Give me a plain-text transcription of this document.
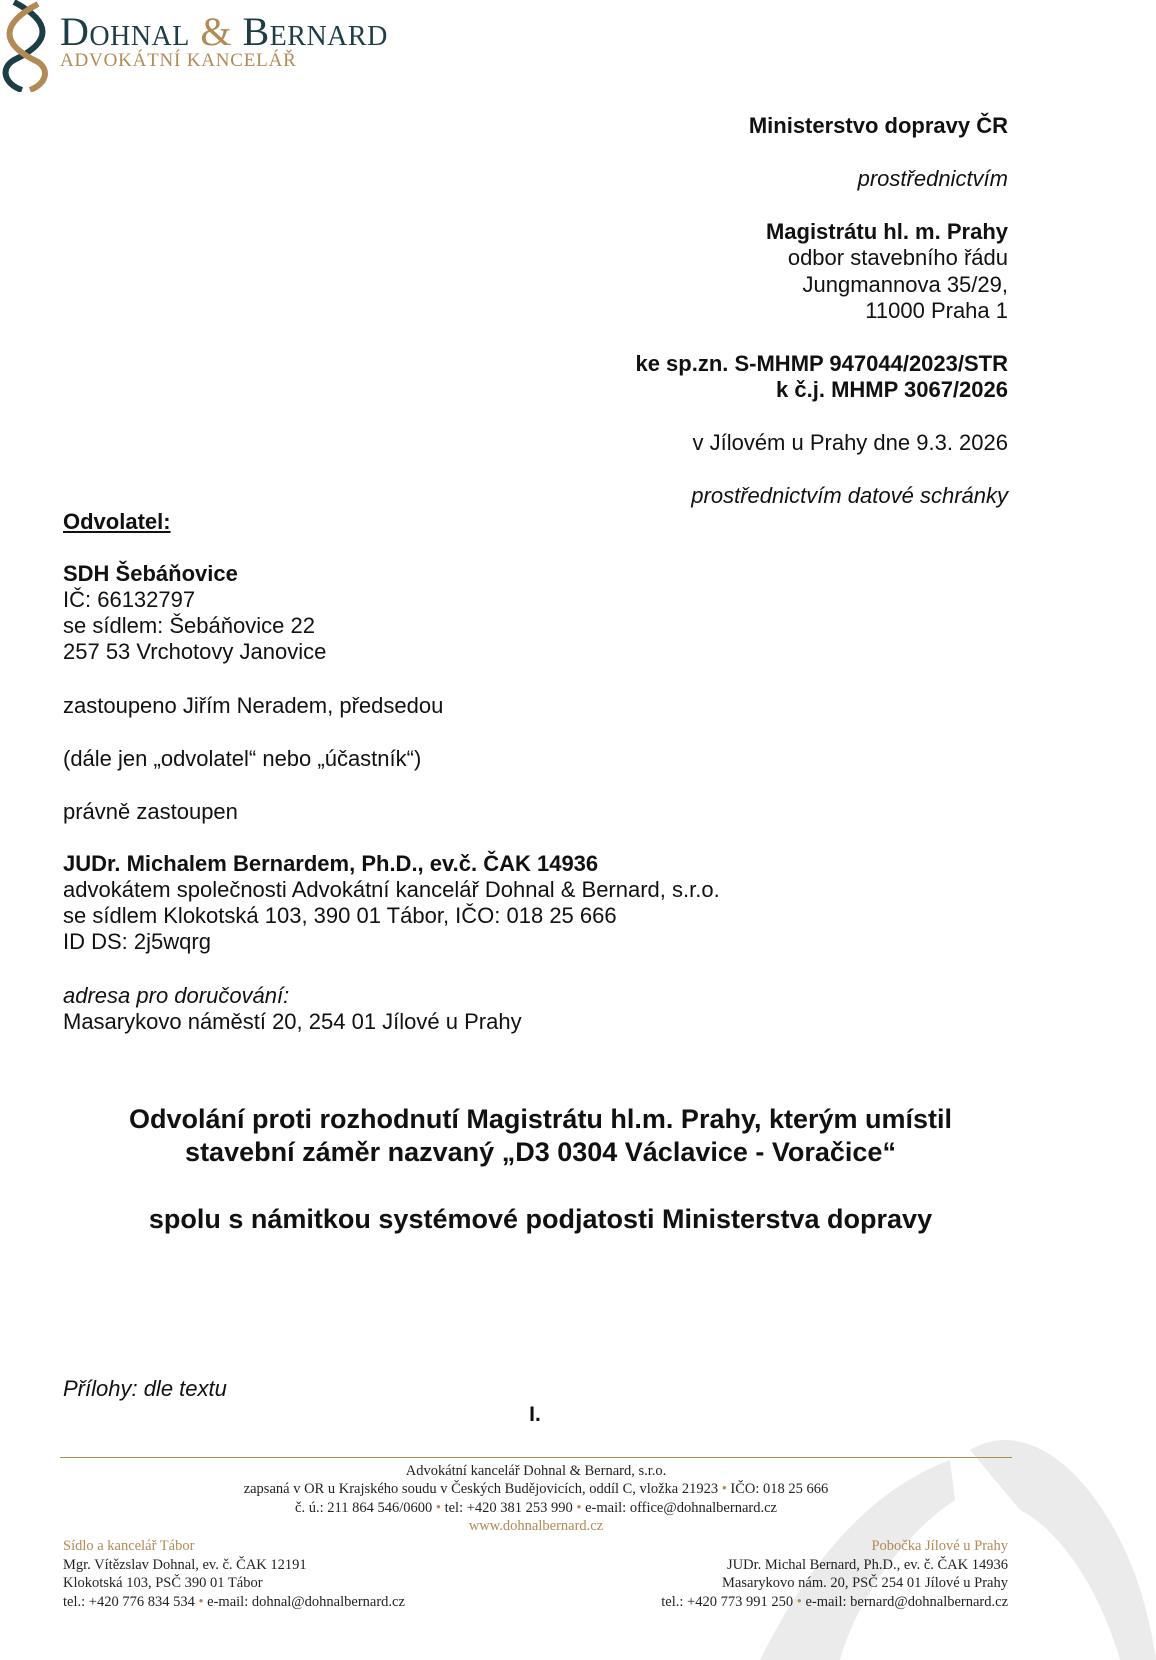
Dohnal & Bernard
ADVOKÁTNÍ KANCELÁŘ
Ministerstvo dopravy ČR
prostřednictvím
Magistrátu hl. m. Prahy
odbor stavebního řádu
Jungmannova 35/29,
11000 Praha 1
ke sp.zn. S-MHMP 947044/2023/STR
k č.j. MHMP 3067/2026
v Jílovém u Prahy dne 9.3. 2026
prostřednictvím datové schránky
Odvolatel:
SDH Šebáňovice
IČ: 66132797
se sídlem: Šebáňovice 22
257 53 Vrchotovy Janovice
zastoupeno Jiřím Neradem, předsedou
(dále jen „odvolatel“ nebo „účastník“)
právně zastoupen
JUDr. Michalem Bernardem, Ph.D., ev.č. ČAK 14936
advokátem společnosti Advokátní kancelář Dohnal & Bernard, s.r.o.
se sídlem Klokotská 103, 390 01 Tábor, IČO: 018 25 666
ID DS: 2j5wqrg
adresa pro doručování:
Masarykovo náměstí 20, 254 01 Jílové u Prahy
Odvolání proti rozhodnutí Magistrátu hl.m. Prahy, kterým umístil
stavební záměr nazvaný „D3 0304 Václavice - Voračice“
spolu s námitkou systémové podjatosti Ministerstva dopravy
Přílohy: dle textu
I.
Advokátní kancelář Dohnal & Bernard, s.r.o.
zapsaná v OR u Krajského soudu v Českých Budějovicích, oddíl C, vložka 21923 • IČO: 018 25 666
č. ú.: 211 864 546/0600 • tel: +420 381 253 990 • e-mail: office@dohnalbernard.cz
www.dohnalbernard.cz
Sídlo a kancelář Tábor
Mgr. Vítězslav Dohnal, ev. č. ČAK 12191
Klokotská 103, PSČ 390 01 Tábor
tel.: +420 776 834 534 • e-mail: dohnal@dohnalbernard.cz
Pobočka Jílové u Prahy
JUDr. Michal Bernard, Ph.D., ev. č. ČAK 14936
Masarykovo nám. 20, PSČ 254 01 Jílové u Prahy
tel.: +420 773 991 250 • e-mail: bernard@dohnalbernard.cz
